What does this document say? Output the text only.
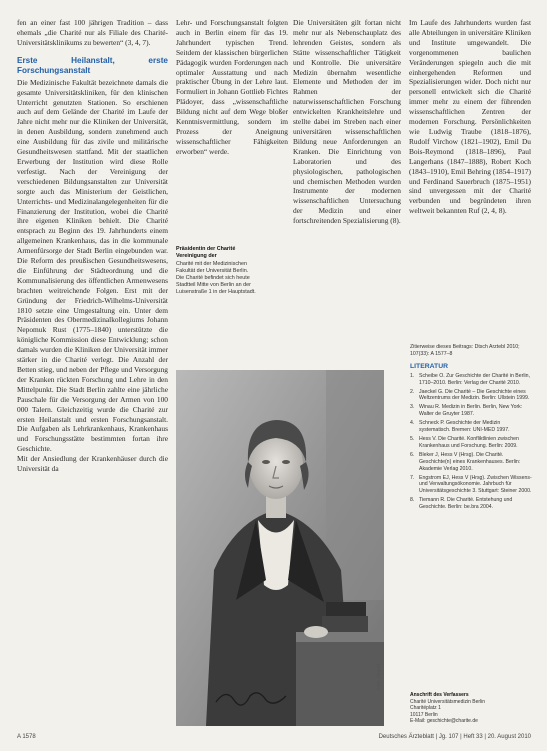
fen an einer fast 100 jährigen Tradition – dass ehemals „die Charité nur als Filiale des Charité-Universitätsklinikums zu bewerten“ (3, 4, 7).

Erste Heilanstalt, erste Forschungsanstalt

Die Medizinische Fakultät bezeichnete damals die gesamte Universitätskliniken, für den klinischen Unterricht genutzten Stationen. So erschienen auch auf dem Gelände der Charité im Laufe der Jahre nicht mehr nur die Kliniken der Universität, in denen Ausbildung, sondern zunehmend auch eine Ausbildung für das zivile und militärische Gesundheitswesen stattfand. Mit der staatlichen Erwerbung der Institution wird diese Rolle verfestigt. Nach der Vereinigung der verschiedenen Bildungsanstalten zur Universität sorgte auch das Ministerium der Geistlichen, Unterrichts- und Medizinalangelegenheiten für die Finanzierung der Institution, wobei die Charité ihre eigenen Kliniken behielt. Die Charité entsprach zu Beginn des 19. Jahrhunderts einem allgemeinen Krankenhaus, das in die kommunale Armenfürsorge der Stadt Berlin eingebunden war. Die Reform des preußischen Gesundheitswesens, die Einführung der Städteordnung und die Kommunalisierung des öffentlichen Armenwesens brachten weitreichende Folgen. Erst mit der Gründung der Friedrich-Wilhelms-Universität 1810 setzte eine Umgestaltung ein. Unter dem Präsidenten des Obermedizinalkollegiums Johann Nepomuk Rust (1775–1840) unterstützte die königliche Kommission diese Entwicklung; schon damals wurden die Kliniken der Universität immer stärker in die Charité verlegt. Die Anzahl der Betten stieg, und neben der Pflege und Versorgung der Kranken rückten Forschung und Lehre in den Mittelpunkt. Die Stadt Berlin zahlte eine jährliche Pauschale für die Versorgung der Armen von 100 000 Talern. Gleichzeitig wurde die Charité zur ersten Heilanstalt und ersten Forschungsanstalt. Die Aufgaben als Lehrkrankenhaus, Krankenhaus und Forschungsstätte bestimmten fortan ihre Geschichte.

Mit der Ansiedlung der Krankenhäuser durch die Universität da

Lehr- und Forschungsanstalt folgten auch in Berlin einem für das 19. Jahrhundert typischen Trend. Seitdem der klassischen bürgerlichen Pädagogik wurden Forderungen nach optimaler Ausstattung und nach praktischer Übung in der Lehre laut. Formuliert in Johann Gottlieb Fichtes Plädoyer, dass „wissenschaftliche Bildung nicht auf dem Wege bloßer Kenntnisvermittlung, sondern im Prozess der Aneignung wissenschaftlicher Fähigkeiten erworben“ werde.

Die Universitäten gilt fortan nicht mehr nur als Nebenschauplatz des lehrenden Geistes, sondern als Stätte wissenschaftlicher Tätigkeit und Kontrolle. Die universitäre Medizin übernahm wesentliche Elemente und Methoden der im Rahmen der naturwissenschaftlichen Forschung entwickelten Krankheitslehre und stellte dabei im Streben nach einer universitären wissenschaftlichen Bildung neue Anforderungen an Kranken. Die Einrichtung von Laboratorien und des physiologischen, pathologischen und chemischen Methoden wurden Instrumente der modernen wissenschaftlichen Untersuchung der Medizin und einer fortschreitenden Spezialisierung (8).

Im Laufe des Jahrhunderts wurden fast alle Abteilungen in universitäre Kliniken und Institute umgewandelt. Die vorgenommenen baulichen Veränderungen spiegeln auch die mit einhergehenden Reformen und Spezialisierungen wider. Doch nicht nur personell entwickelt sich die Charité immer mehr zu einem der führenden wissenschaftlichen Zentren der modernen Forschung. Persönlichkeiten wie Ludwig Traube (1818–1876), Rudolf Virchow (1821–1902), Emil Du Bois-Reymond (1818–1896), Paul Langerhans (1847–1888), Robert Koch (1843–1910), Emil Behring (1854–1917) und Ferdinand Sauerbruch (1875–1951) sind unvergessen mit der Charité verbunden und begründeten ihren weltweit bekannten Ruf (2, 4, 8).

Präsidentin der Charité Vereinigung der
Charité mit der Medizinischen Fakultät der Universität Berlin. Die Charité befindet sich heute Stadtteil Mitte von Berlin an der Luisenstraße 1 in der Hauptstadt.
Foto: Charité
Zitierweise dieses Beitrags: Dtsch Arztebl 2010; 107(33): A 1577–8
LITERATUR
1. Scheibe O. Zur Geschichte der Charité in Berlin, 1710–2010. Berlin: Verlag der Charité 2010.
2. Jaeckel G. Die Charité – Die Geschichte eines Weltzentrums der Medizin. Berlin: Ullstein 1999.
3. Winau R. Medizin in Berlin. Berlin, New York: Walter de Gruyter 1987.
4. Schneck P. Geschichte der Medizin systematisch. Bremen: UNI-MED 1997.
5. Hess V. Die Charité. Konfliktlinien zwischen Krankenhaus und Forschung. Berlin: 2009.
6. Bleker J, Hess V (Hrsg). Die Charité. Geschichte(n) eines Krankenhauses. Berlin: Akademie Verlag 2010.
7. Engstrom EJ, Hess V (Hrsg). Zwischen Wissens- und Verwaltungsökonomie. Jahrbuch für Universitätsgeschichte 3. Stuttgart: Steiner 2000.
8. Tiemann R. Die Charité. Entstehung und Geschichte. Berlin: be.bra 2004.
Anschrift des Verfassers
Charité Universitätsmedizin Berlin
Charitéplatz 1
10117 Berlin
E-Mail: geschichte@charite.de
A 1578	Deutsches Ärzteblatt | Jg. 107 | Heft 33 | 20. August 2010
